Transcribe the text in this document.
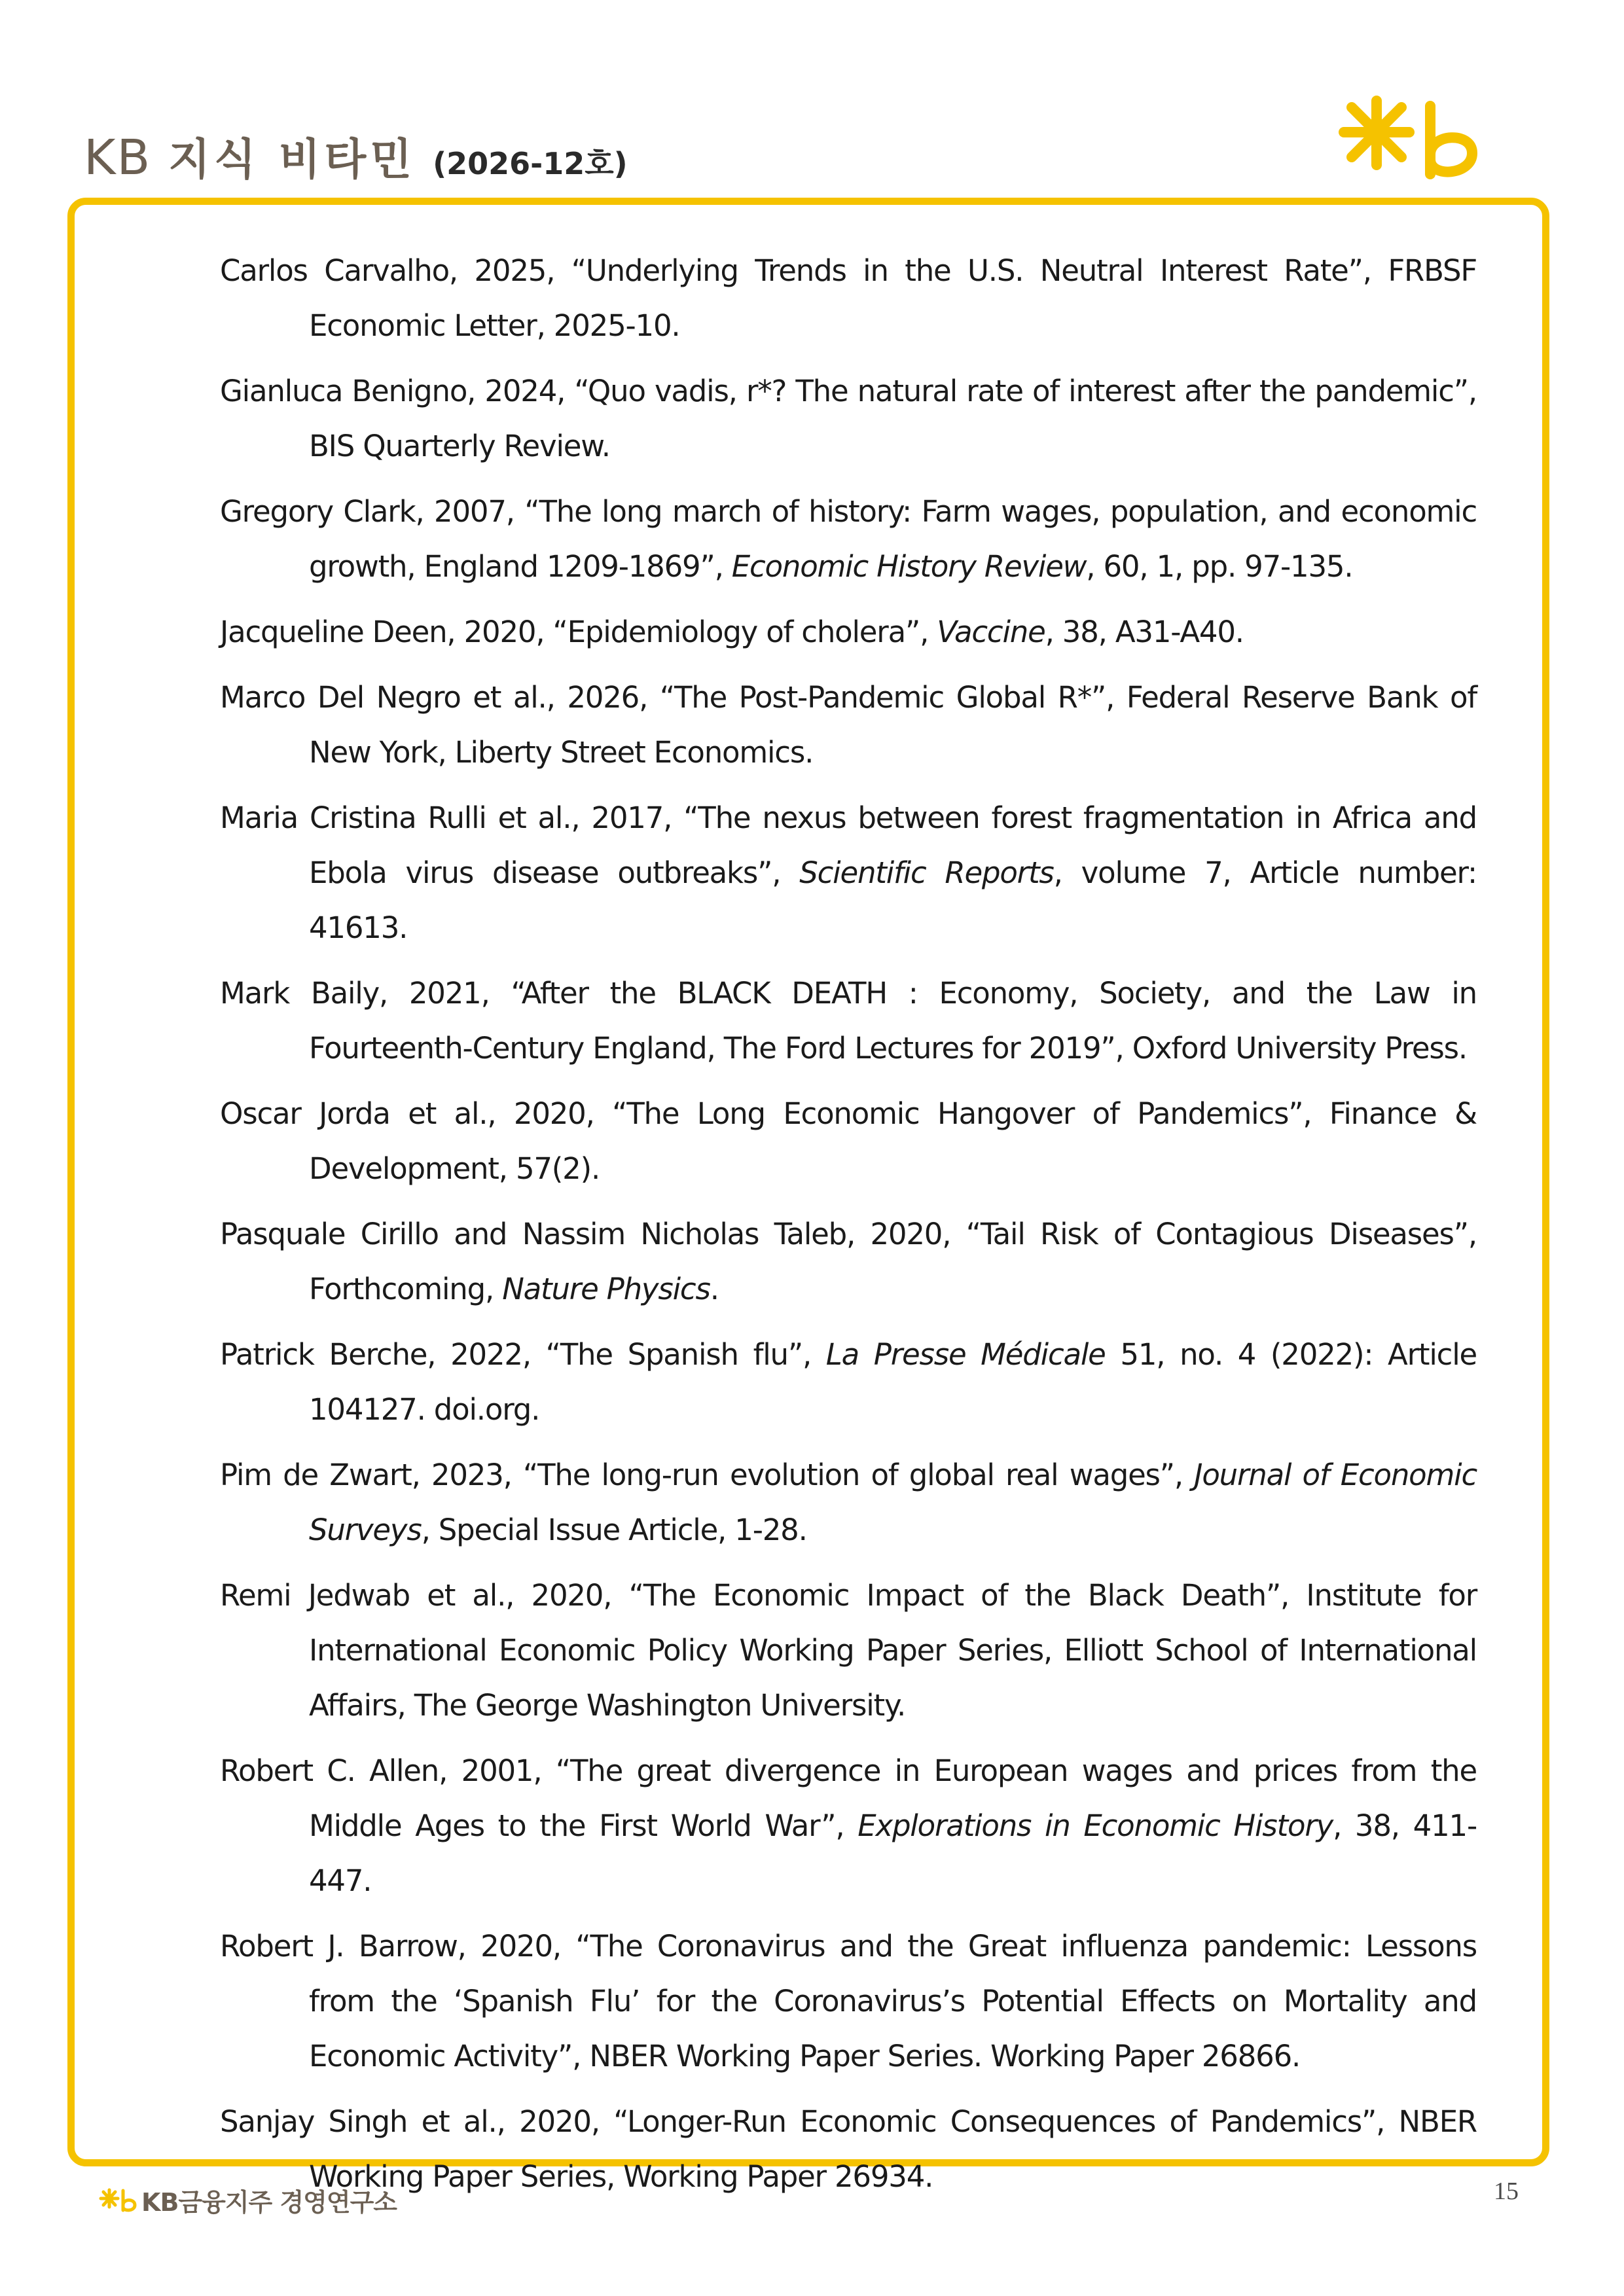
KB 지식 비타민 (2026-12호)
Carlos Carvalho, 2025, “Underlying Trends in the U.S. Neutral Interest Rate”, FRBSF Economic Letter, 2025-10.
Gianluca Benigno, 2024, “Quo vadis, r*? The natural rate of interest after the pandemic”, BIS Quarterly Review.
Gregory Clark, 2007, “The long march of history: Farm wages, population, and economic growth, England 1209-1869”, Economic History Review, 60, 1, pp. 97-135.
Jacqueline Deen, 2020, “Epidemiology of cholera”, Vaccine, 38, A31-A40.
Marco Del Negro et al., 2026, “The Post-Pandemic Global R*”, Federal Reserve Bank of New York, Liberty Street Economics.
Maria Cristina Rulli et al., 2017, “The nexus between forest fragmentation in Africa and Ebola virus disease outbreaks”, Scientific Reports, volume 7, Article number: 41613.
Mark Baily, 2021, “After the BLACK DEATH : Economy, Society, and the Law in Fourteenth-Century England, The Ford Lectures for 2019”, Oxford University Press.
Oscar Jorda et al., 2020, “The Long Economic Hangover of Pandemics”, Finance & Development, 57(2).
Pasquale Cirillo and Nassim Nicholas Taleb, 2020, “Tail Risk of Contagious Diseases”, Forthcoming, Nature Physics.
Patrick Berche, 2022, “The Spanish flu”, La Presse Médicale 51, no. 4 (2022): Article 104127. doi.org.
Pim de Zwart, 2023, “The long-run evolution of global real wages”, Journal of Economic Surveys, Special Issue Article, 1-28.
Remi Jedwab et al., 2020, “The Economic Impact of the Black Death”, Institute for International Economic Policy Working Paper Series, Elliott School of International Affairs, The George Washington University.
Robert C. Allen, 2001, “The great divergence in European wages and prices from the Middle Ages to the First World War”, Explorations in Economic History, 38, 411-447.
Robert J. Barrow, 2020, “The Coronavirus and the Great influenza pandemic: Lessons from the ‘Spanish Flu’ for the Coronavirus’s Potential Effects on Mortality and Economic Activity”, NBER Working Paper Series. Working Paper 26866.
Sanjay Singh et al., 2020, “Longer-Run Economic Consequences of Pandemics”, NBER Working Paper Series, Working Paper 26934.
KB금융지주 경영연구소	15
